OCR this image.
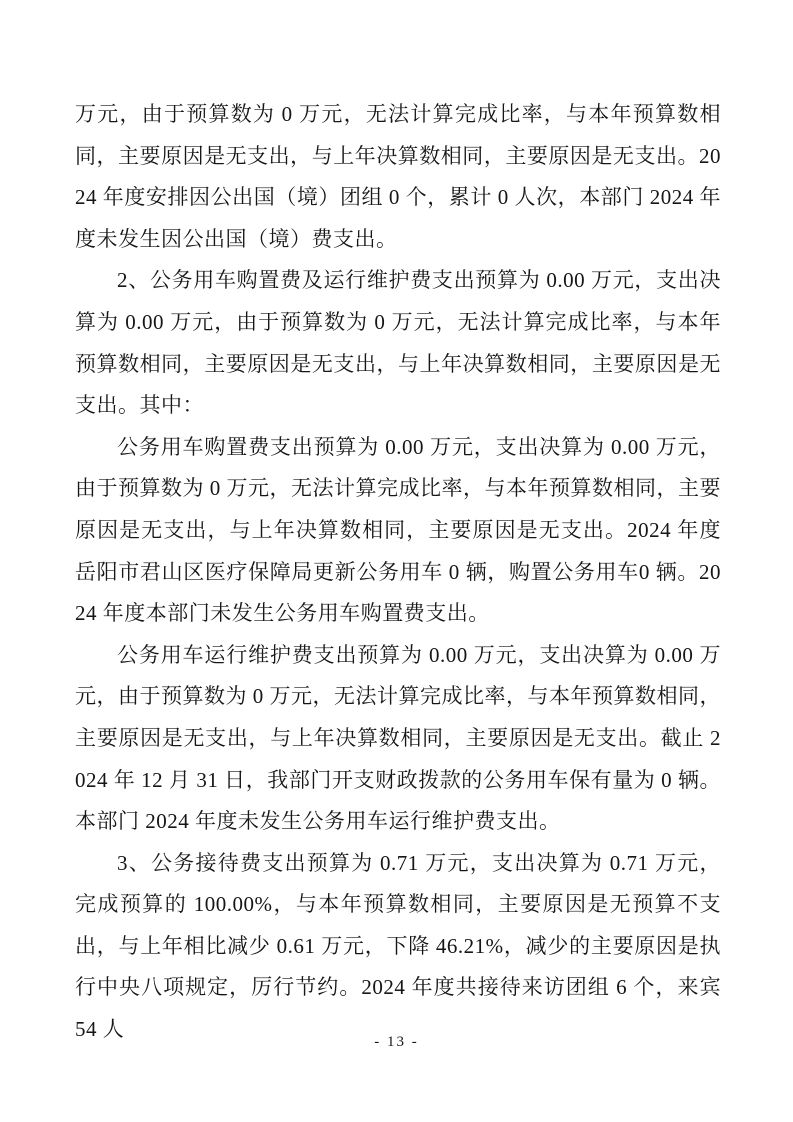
万元，由于预算数为 0 万元，无法计算完成比率，与本年预算数相同，主要原因是无支出，与上年决算数相同，主要原因是无支出。2024 年度安排因公出国（境）团组 0 个，累计 0 人次，本部门 2024 年度未发生因公出国（境）费支出。

2、公务用车购置费及运行维护费支出预算为 0.00 万元，支出决算为 0.00 万元，由于预算数为 0 万元，无法计算完成比率，与本年预算数相同，主要原因是无支出，与上年决算数相同，主要原因是无支出。其中：

公务用车购置费支出预算为 0.00 万元，支出决算为 0.00 万元，由于预算数为 0 万元，无法计算完成比率，与本年预算数相同，主要原因是无支出，与上年决算数相同，主要原因是无支出。2024 年度岳阳市君山区医疗保障局更新公务用车 0 辆，购置公务用车0 辆。2024 年度本部门未发生公务用车购置费支出。

公务用车运行维护费支出预算为 0.00 万元，支出决算为 0.00 万元，由于预算数为 0 万元，无法计算完成比率，与本年预算数相同，主要原因是无支出，与上年决算数相同，主要原因是无支出。截止 2024 年 12 月 31 日，我部门开支财政拨款的公务用车保有量为 0 辆。本部门 2024 年度未发生公务用车运行维护费支出。

3、公务接待费支出预算为 0.71 万元，支出决算为 0.71 万元，完成预算的 100.00%，与本年预算数相同，主要原因是无预算不支出，与上年相比减少 0.61 万元，下降 46.21%，减少的主要原因是执行中央八项规定，厉行节约。2024 年度共接待来访团组 6 个，来宾 54 人

- 13 -
